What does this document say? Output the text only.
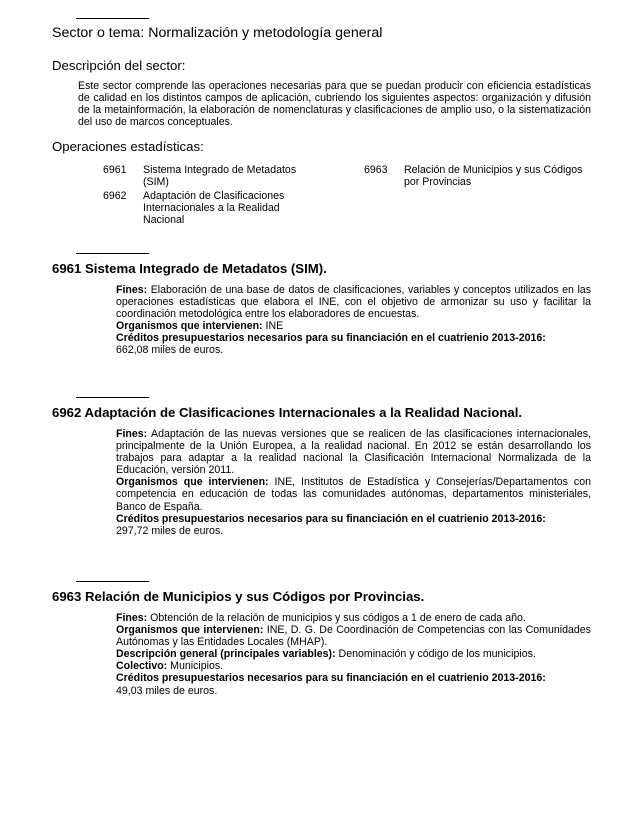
Sector o tema: Normalización y metodología general
Descripción del sector:
Este sector comprende las operaciones necesarias para que se puedan producir con eficiencia estadísticas de calidad en los distintos campos de aplicación, cubriendo los siguientes aspectos: organización y difusión de la metainformación, la elaboración de nomenclaturas y clasificaciones de amplio uso, o la sistematización del uso de marcos conceptuales.
Operaciones estadísticas:
6961	Sistema Integrado de Metadatos (SIM)
6962	Adaptación de Clasificaciones Internacionales a la Realidad Nacional
6963	Relación de Municipios y sus Códigos por Provincias
6961 Sistema Integrado de Metadatos (SIM).

Fines: Elaboración de una base de datos de clasificaciones, variables y conceptos utilizados en las operaciones estadísticas que elabora el INE, con el objetivo de armonizar su uso y facilitar la coordinación metodológica entre los elaboradores de encuestas.

Organismos que intervienen: INE

Créditos presupuestarios necesarios para su financiación en el cuatrienio 2013-2016:

662,08 miles de euros.

6962 Adaptación de Clasificaciones Internacionales a la Realidad Nacional.

Fines: Adaptación de las nuevas versiones que se realicen de las clasificaciones internacionales, principalmente de la Unión Europea, a la realidad nacional. En 2012 se están desarrollando los trabajos para adaptar a la realidad nacional la Clasificación Internacional Normalizada de la Educación, versión 2011.

Organismos que intervienen: INE, Institutos de Estadística y Consejerías/Departamentos con competencia en educación de todas las comunidades autónomas, departamentos ministeriales, Banco de España.

Créditos presupuestarios necesarios para su financiación en el cuatrienio 2013-2016:

297,72 miles de euros.

6963 Relación de Municipios y sus Códigos por Provincias.

Fines: Obtención de la relación de municipios y sus códigos a 1 de enero de cada año.

Organismos que intervienen: INE, D. G. De Coordinación de Competencias con las Comunidades Autónomas y las Entidades Locales (MHAP).

Descripción general (principales variables): Denominación y código de los municipios.

Colectivo: Municipios.

Créditos presupuestarios necesarios para su financiación en el cuatrienio 2013-2016:

49,03 miles de euros.
